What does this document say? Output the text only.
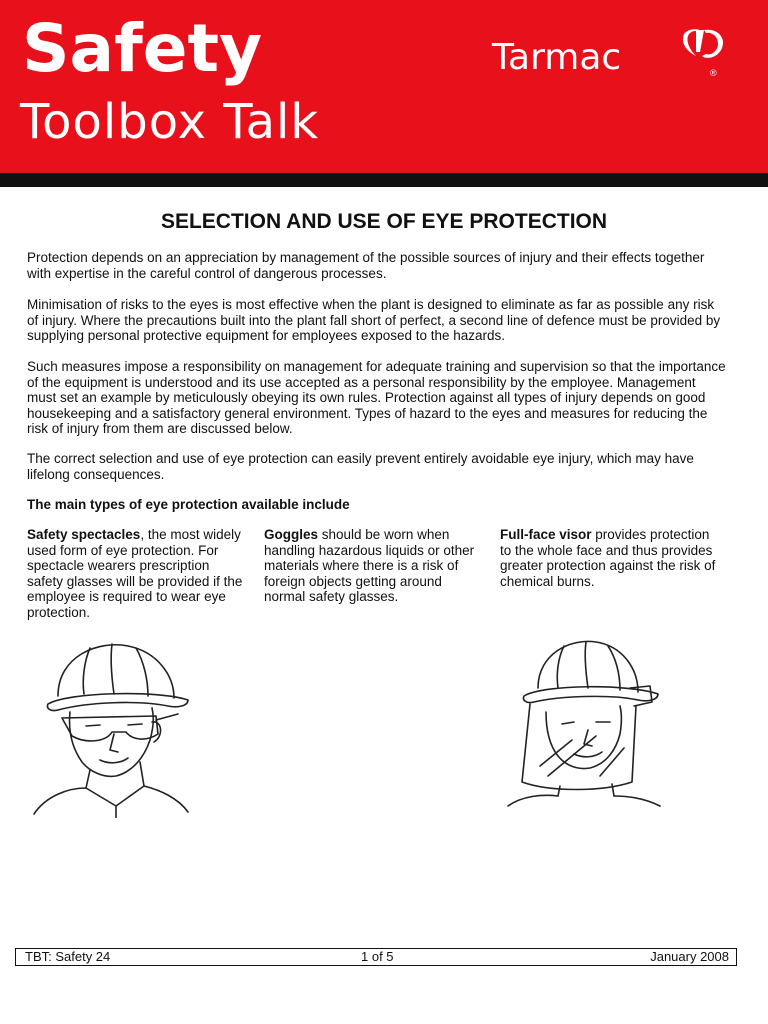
Safety
Toolbox Talk
Tarmac	®
SELECTION AND USE OF EYE PROTECTION

Protection depends on an appreciation by management of the possible sources of injury and their effects together with expertise in the careful control of dangerous processes.

Minimisation of risks to the eyes is most effective when the plant is designed to eliminate as far as possible any risk of injury. Where the precautions built into the plant fall short of perfect, a second line of defence must be provided by supplying personal protective equipment for employees exposed to the hazards.

Such measures impose a responsibility on management for adequate training and supervision so that the importance of the equipment is understood and its use accepted as a personal responsibility by the employee. Management must set an example by meticulously obeying its own rules. Protection against all types of injury depends on good housekeeping and a satisfactory general environment. Types of hazard to the eyes and measures for reducing the risk of injury from them are discussed below.

The correct selection and use of eye protection can easily prevent entirely avoidable eye injury, which may have lifelong consequences.

The main types of eye protection available include

Safety spectacles, the most widely used form of eye protection. For spectacle wearers prescription safety glasses will be provided if the employee is required to wear eye protection.

Goggles should be worn when handling hazardous liquids or other materials where there is a risk of foreign objects getting around normal safety glasses.

Full-face visor provides protection to the whole face and thus provides greater protection against the risk of chemical burns.

TBT: Safety 24	1 of 5	January 2008
